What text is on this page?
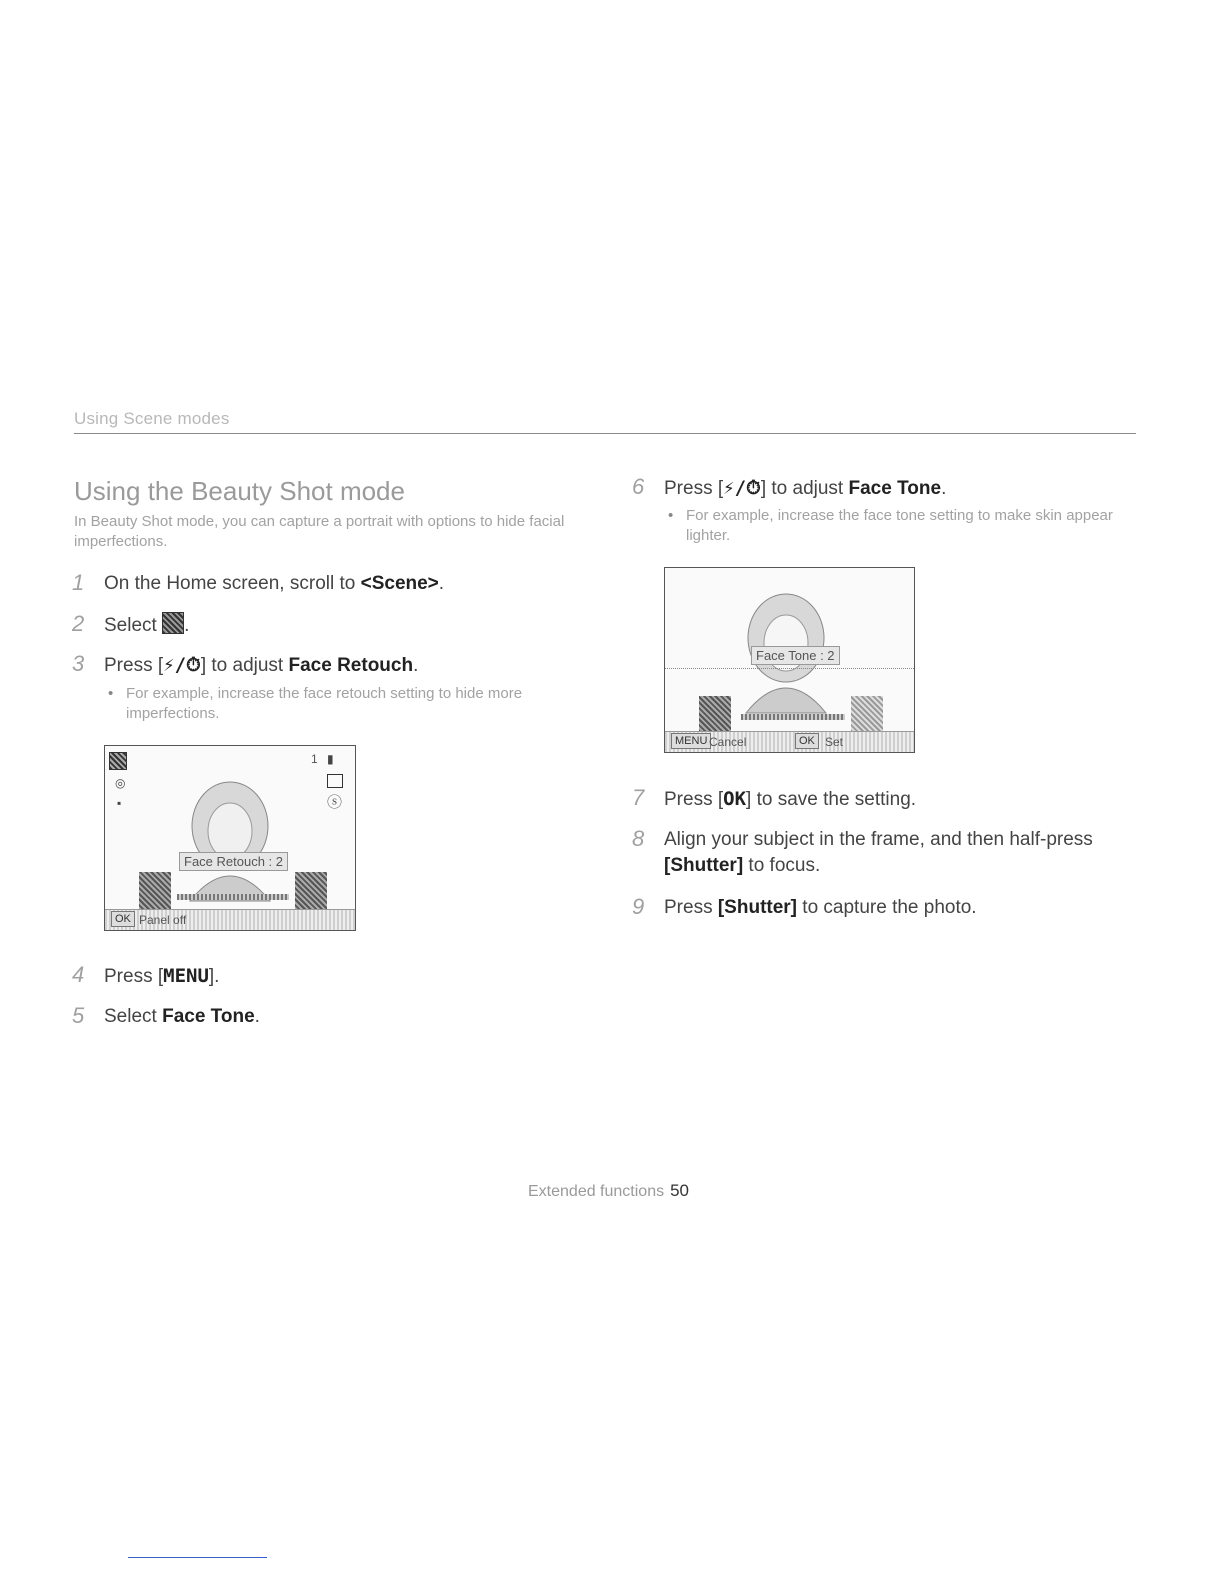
Using Scene modes
Using the Beauty Shot mode
In Beauty Shot mode, you can capture a portrait with options to hide facial imperfections.
1	On the Home screen, scroll to <Scene>.
2	Select .
3	Press [⚡/⏱] to adjust Face Retouch.
• For example, increase the face retouch setting to hide more imperfections.
◎
▪
1 ▮
ⓢ
Face Retouch : 2
OK Panel off
4	Press [MENU].
5	Select Face Tone.
6	Press [⚡/⏱] to adjust Face Tone.
• For example, increase the face tone setting to make skin appear lighter.
Face Tone : 2
MENU Cancel	OK Set
7	Press [OK] to save the setting.
8	Align your subject in the frame, and then half-press [Shutter] to focus.
9	Press [Shutter] to capture the photo.
Extended functions 50
